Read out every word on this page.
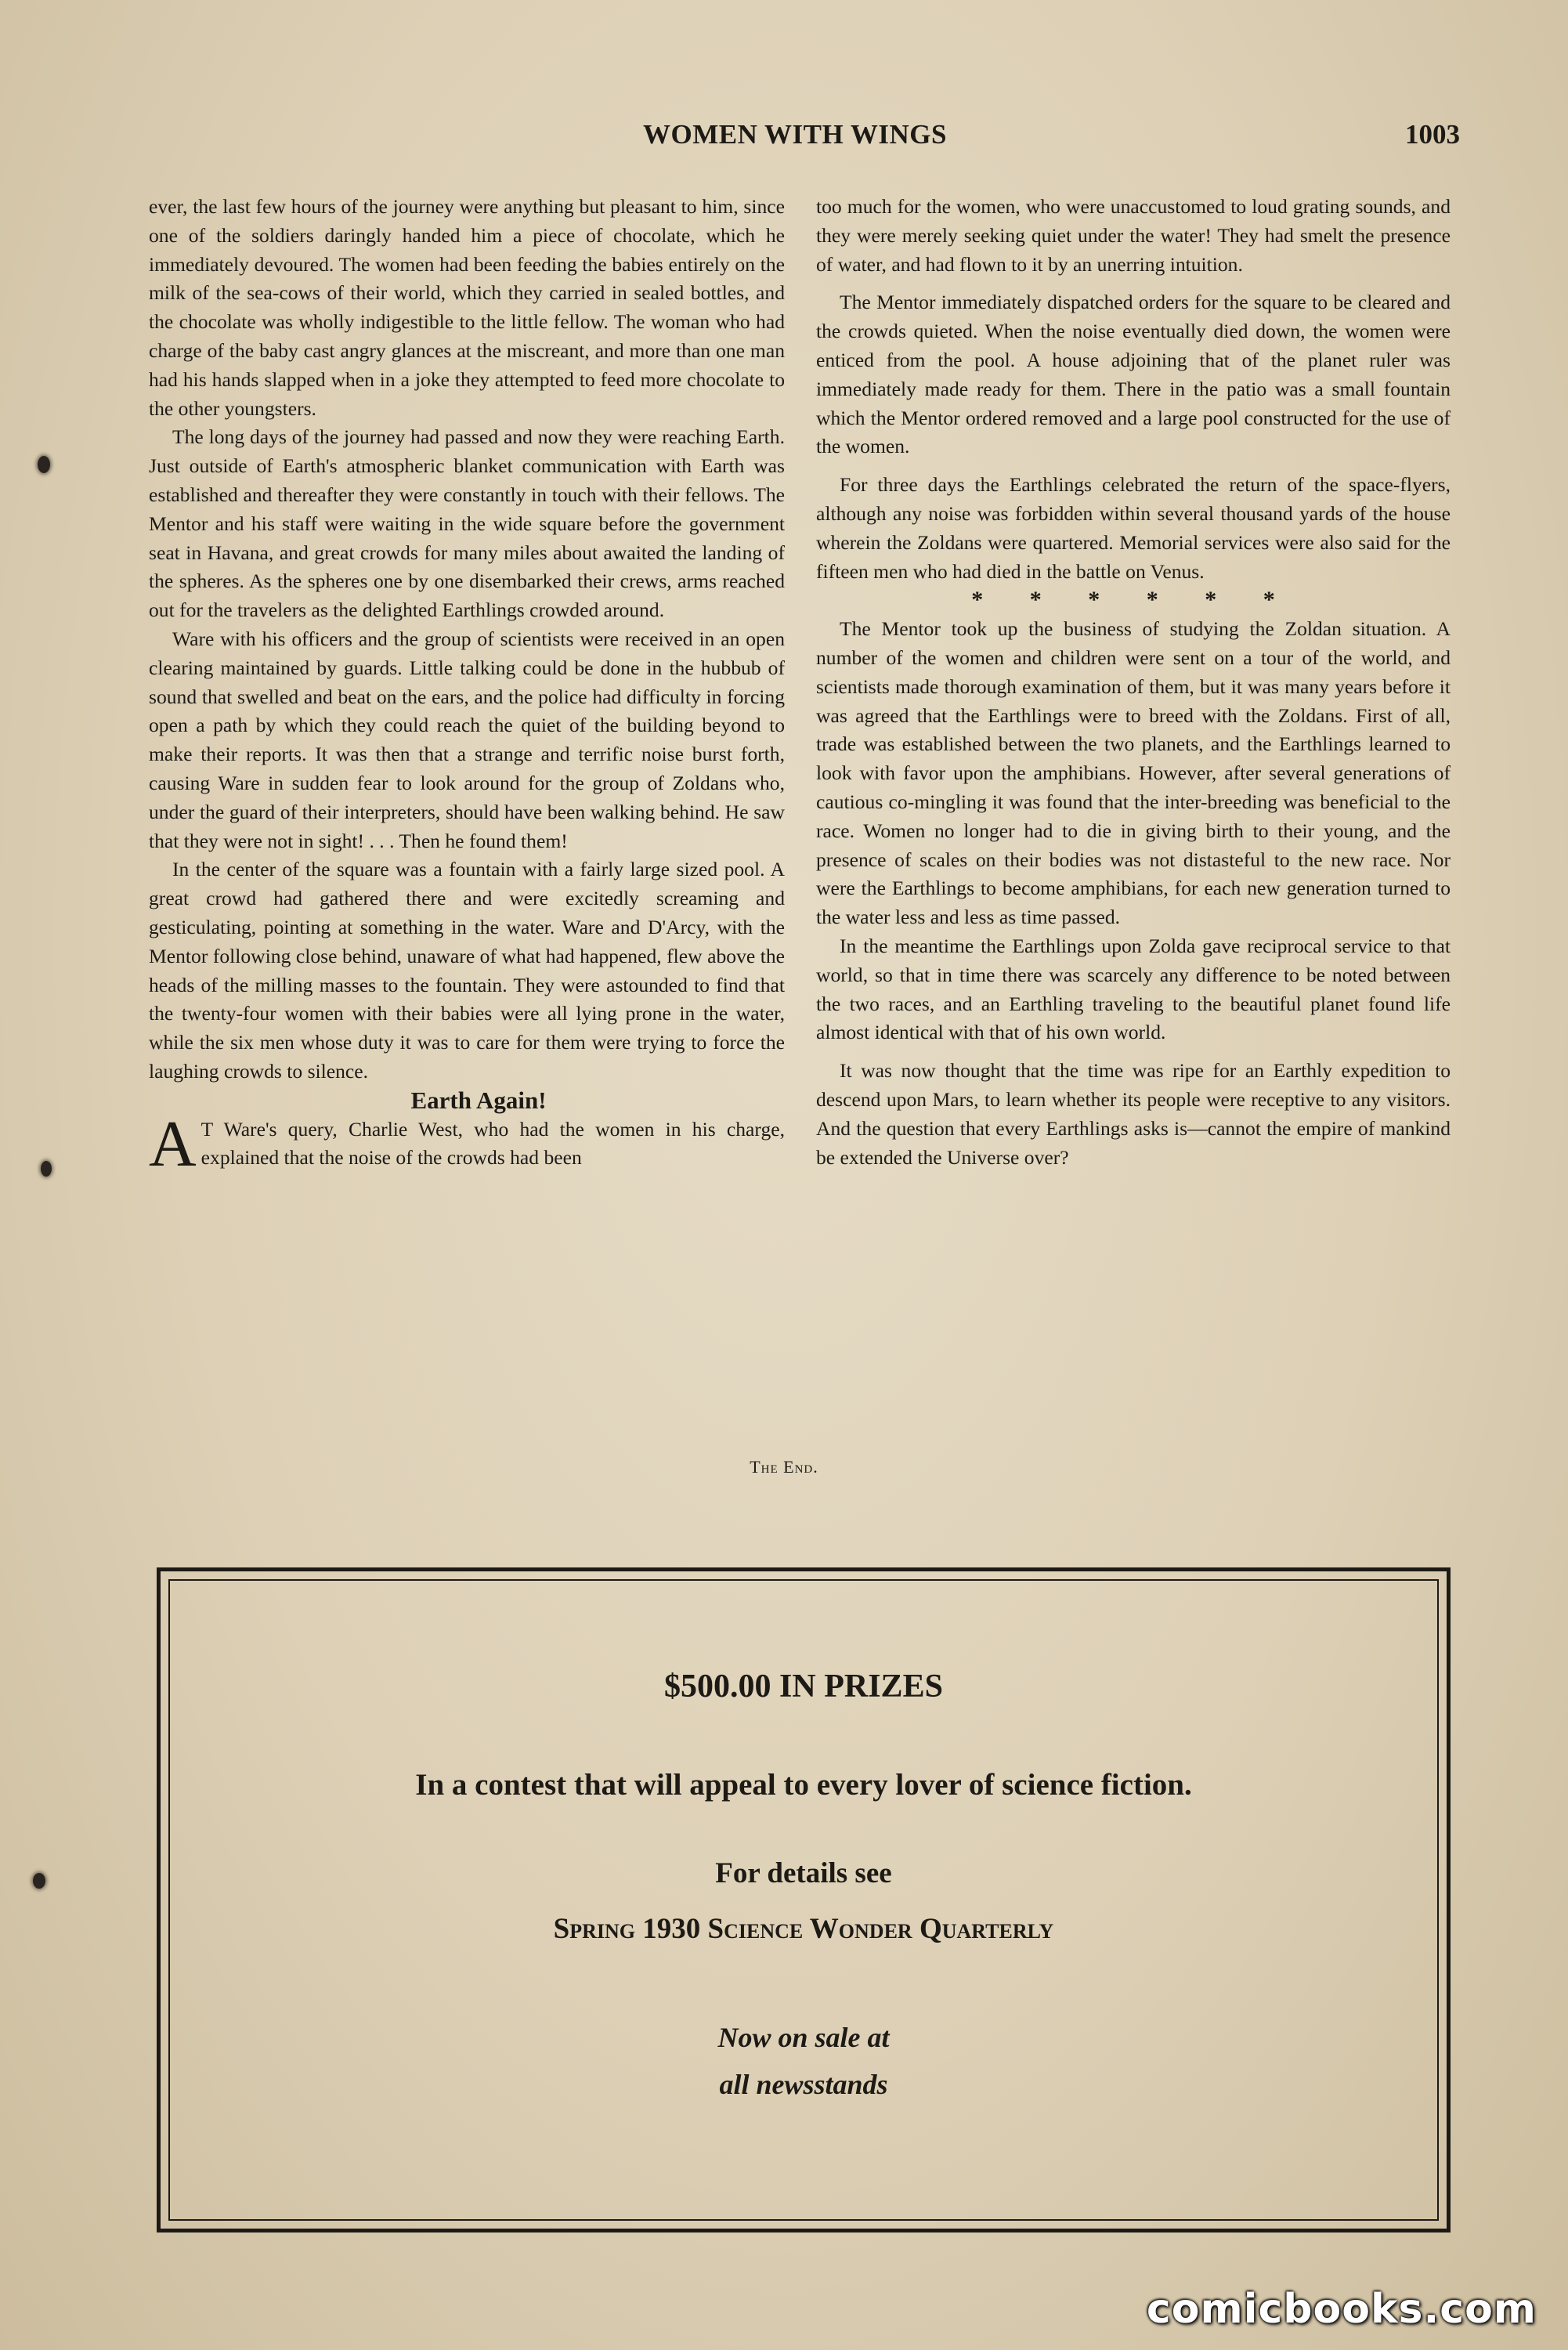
WOMEN WITH WINGS	1003

ever, the last few hours of the journey were anything but pleasant to him, since one of the soldiers daringly handed him a piece of chocolate, which he immediately devoured. The women had been feeding the babies entirely on the milk of the sea-cows of their world, which they carried in sealed bottles, and the chocolate was wholly indigestible to the little fellow. The woman who had charge of the baby cast angry glances at the miscreant, and more than one man had his hands slapped when in a joke they attempted to feed more chocolate to the other youngsters.

The long days of the journey had passed and now they were reaching Earth. Just outside of Earth's atmospheric blanket communication with Earth was established and thereafter they were constantly in touch with their fellows. The Mentor and his staff were waiting in the wide square before the government seat in Havana, and great crowds for many miles about awaited the landing of the spheres. As the spheres one by one disembarked their crews, arms reached out for the travelers as the delighted Earthlings crowded around.

Ware with his officers and the group of scientists were received in an open clearing maintained by guards. Little talking could be done in the hubbub of sound that swelled and beat on the ears, and the police had difficulty in forcing open a path by which they could reach the quiet of the building beyond to make their reports. It was then that a strange and terrific noise burst forth, causing Ware in sudden fear to look around for the group of Zoldans who, under the guard of their interpreters, should have been walking behind. He saw that they were not in sight! . . . Then he found them!

In the center of the square was a fountain with a fairly large sized pool. A great crowd had gathered there and were excitedly screaming and gesticulating, pointing at something in the water. Ware and D'Arcy, with the Mentor following close behind, unaware of what had happened, flew above the heads of the milling masses to the fountain. They were astounded to find that the twenty-four women with their babies were all lying prone in the water, while the six men whose duty it was to care for them were trying to force the laughing crowds to silence.

Earth Again!

A T Ware's query, Charlie West, who had the women in his charge, explained that the noise of the crowds had been

too much for the women, who were unaccustomed to loud grating sounds, and they were merely seeking quiet under the water! They had smelt the presence of water, and had flown to it by an unerring intuition.

The Mentor immediately dispatched orders for the square to be cleared and the crowds quieted. When the noise eventually died down, the women were enticed from the pool. A house adjoining that of the planet ruler was immediately made ready for them. There in the patio was a small fountain which the Mentor ordered removed and a large pool constructed for the use of the women.

For three days the Earthlings celebrated the return of the space-flyers, although any noise was forbidden within several thousand yards of the house wherein the Zoldans were quartered. Memorial services were also said for the fifteen men who had died in the battle on Venus.

* * * * * *

The Mentor took up the business of studying the Zoldan situation. A number of the women and children were sent on a tour of the world, and scientists made thorough examination of them, but it was many years before it was agreed that the Earthlings were to breed with the Zoldans. First of all, trade was established between the two planets, and the Earthlings learned to look with favor upon the amphibians. However, after several generations of cautious co-mingling it was found that the inter-breeding was beneficial to the race. Women no longer had to die in giving birth to their young, and the presence of scales on their bodies was not distasteful to the new race. Nor were the Earthlings to become amphibians, for each new generation turned to the water less and less as time passed.

In the meantime the Earthlings upon Zolda gave reciprocal service to that world, so that in time there was scarcely any difference to be noted between the two races, and an Earthling traveling to the beautiful planet found life almost identical with that of his own world.

It was now thought that the time was ripe for an Earthly expedition to descend upon Mars, to learn whether its people were receptive to any visitors. And the question that every Earthlings asks is—cannot the empire of mankind be extended the Universe over?

The End.
$500.00 IN PRIZES
In a contest that will appeal to every lover of science fiction.
For details see
Spring 1930 Science Wonder Quarterly
Now on sale at
all newsstands
comicbooks.com
